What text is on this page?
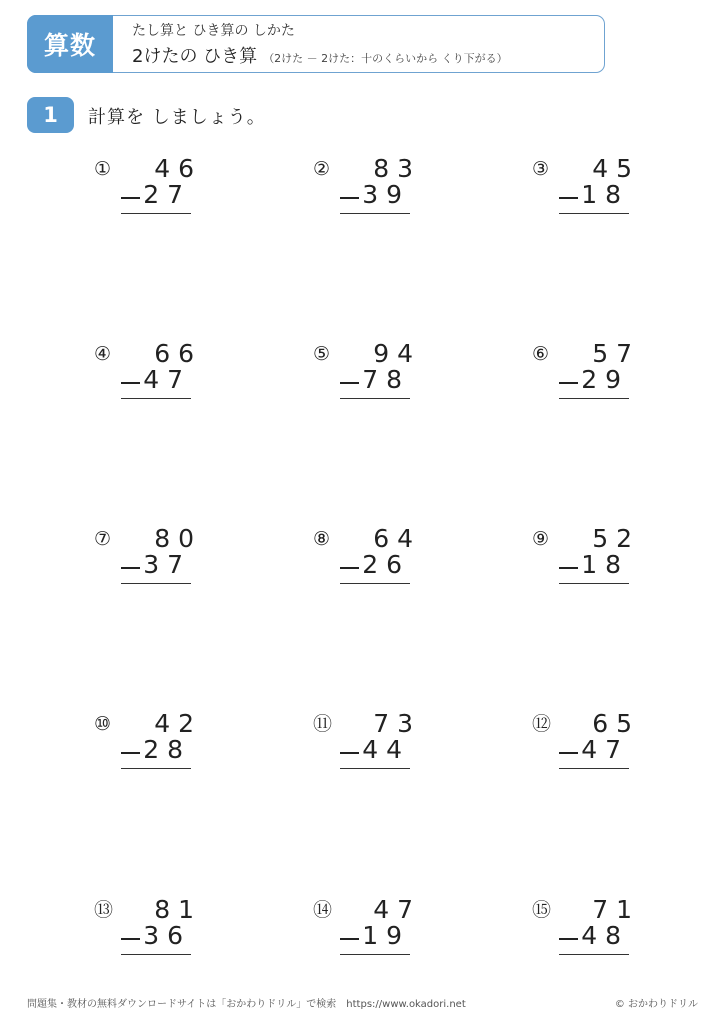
算数	たし算と ひき算の しかた
2けたの ひき算 （2けた － 2けた：十のくらいから くり下がる）
1	計算を しましょう。
① 46
27
② 83
39
③ 45
18
④ 66
47
⑤ 94
78
⑥ 57
29
⑦ 80
37
⑧ 64
26
⑨ 52
18
⑩ 42
28
⑪ 73
44
⑫ 65
47
⑬ 81
36
⑭ 47
19
⑮ 71
48
問題集・教材の無料ダウンロードサイトは「おかわりドリル」で検索　https://www.okadori.net	© おかわりドリル
